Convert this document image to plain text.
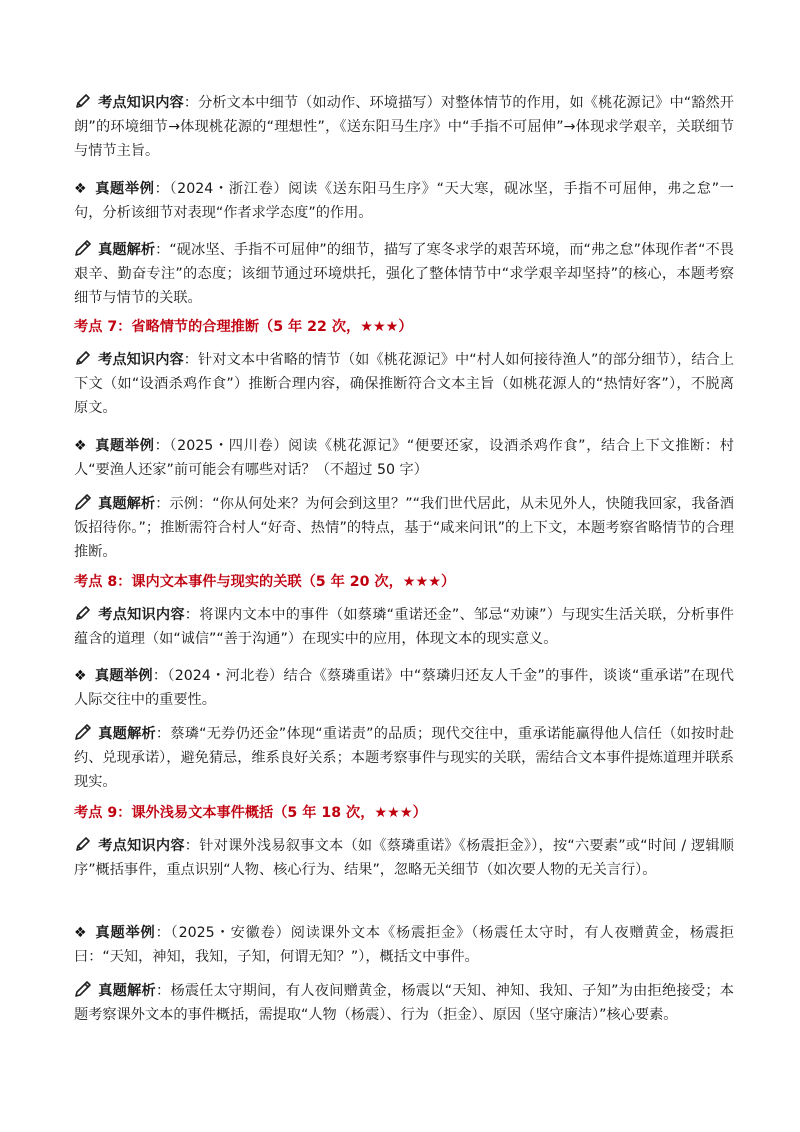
考点知识内容：分析文本中细节（如动作、环境描写）对整体情节的作用，如《桃花源记》中“豁然开朗”的环境细节→体现桃花源的“理想性”，《送东阳马生序》中“手指不可屈伸”→体现求学艰辛，关联细节与情节主旨。

❖ 真题举例：（2024・浙江卷）阅读《送东阳马生序》“天大寒，砚冰坚，手指不可屈伸，弗之怠”一句，分析该细节对表现“作者求学态度”的作用。

真题解析：“砚冰坚、手指不可屈伸”的细节，描写了寒冬求学的艰苦环境，而“弗之怠”体现作者“不畏艰辛、勤奋专注”的态度；该细节通过环境烘托，强化了整体情节中“求学艰辛却坚持”的核心，本题考察细节与情节的关联。

考点 7：省略情节的合理推断（5 年 22 次，★★★）

考点知识内容：针对文本中省略的情节（如《桃花源记》中“村人如何接待渔人”的部分细节），结合上下文（如“设酒杀鸡作食”）推断合理内容，确保推断符合文本主旨（如桃花源人的“热情好客”），不脱离原文。

❖ 真题举例：（2025・四川卷）阅读《桃花源记》“便要还家，设酒杀鸡作食”，结合上下文推断：村人“要渔人还家”前可能会有哪些对话？（不超过 50 字）

真题解析：示例：“你从何处来？为何会到这里？”“我们世代居此，从未见外人，快随我回家，我备酒饭招待你。”；推断需符合村人“好奇、热情”的特点，基于“咸来问讯”的上下文，本题考察省略情节的合理推断。

考点 8：课内文本事件与现实的关联（5 年 20 次，★★★）

考点知识内容：将课内文本中的事件（如蔡璘“重诺还金”、邹忌“劝谏”）与现实生活关联，分析事件蕴含的道理（如“诚信”“善于沟通”）在现实中的应用，体现文本的现实意义。

❖ 真题举例：（2024・河北卷）结合《蔡璘重诺》中“蔡璘归还友人千金”的事件，谈谈“重承诺”在现代人际交往中的重要性。

真题解析：蔡璘“无券仍还金”体现“重诺责”的品质；现代交往中，重承诺能赢得他人信任（如按时赴约、兑现承诺），避免猜忌，维系良好关系；本题考察事件与现实的关联，需结合文本事件提炼道理并联系现实。

考点 9：课外浅易文本事件概括（5 年 18 次，★★★）

考点知识内容：针对课外浅易叙事文本（如《蔡璘重诺》《杨震拒金》），按“六要素”或“时间 / 逻辑顺序”概括事件，重点识别“人物、核心行为、结果”，忽略无关细节（如次要人物的无关言行）。

❖ 真题举例：（2025・安徽卷）阅读课外文本《杨震拒金》（杨震任太守时，有人夜赠黄金，杨震拒曰：“天知，神知，我知，子知，何谓无知？”），概括文中事件。

真题解析：杨震任太守期间，有人夜间赠黄金，杨震以“天知、神知、我知、子知”为由拒绝接受；本题考察课外文本的事件概括，需提取“人物（杨震）、行为（拒金）、原因（坚守廉洁）”核心要素。
